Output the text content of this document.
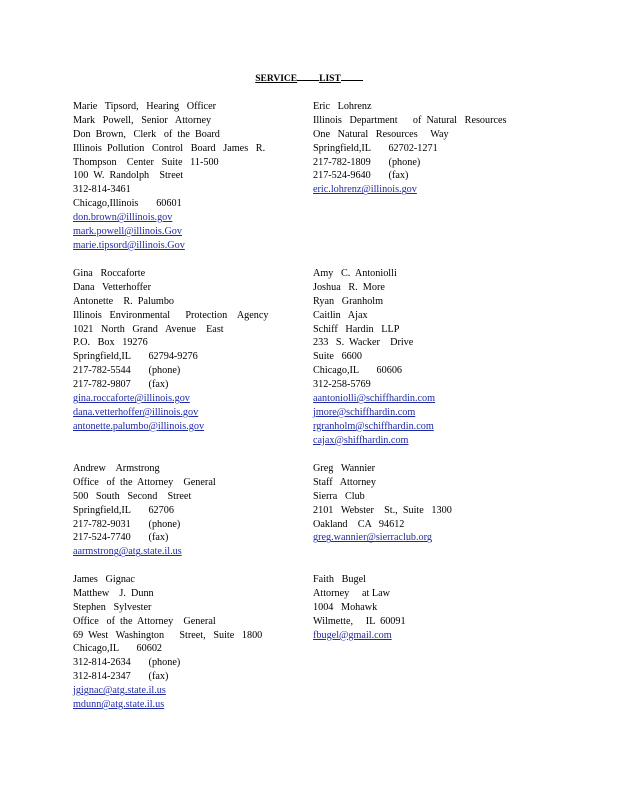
SERVICE LIST
Marie   Tipsord,   Hearing   Officer
Mark   Powell,   Senior   Attorney
Don  Brown,   Clerk   of  the  Board
Illinois  Pollution   Control   Board   James   R.
Thompson    Center   Suite   11-500
100  W.  Randolph    Street
312-814-3461
Chicago,Illinois       60601
don.brown@illinois.gov
mark.powell@illinois.Gov
marie.tipsord@illinois.Gov
Eric   Lohrenz
Illinois   Department      of  Natural   Resources
One   Natural   Resources     Way
Springfield,IL       62702-1271
217-782-1809       (phone)
217-524-9640       (fax)
eric.lohrenz@illinois.gov
Gina   Roccaforte
Dana   Vetterhoffer
Antonette    R.  Palumbo
Illinois   Environmental      Protection    Agency
1021   North   Grand   Avenue    East
P.O.   Box   19276
Springfield,IL       62794-9276
217-782-5544       (phone)
217-782-9807       (fax)
gina.roccaforte@illinois.gov
dana.vetterhoffer@illinois.gov
antonette.palumbo@illinois.gov
Amy   C.  Antoniolli
Joshua   R.  More
Ryan   Granholm
Caitlin   Ajax
Schiff   Hardin   LLP
233   S.  Wacker    Drive
Suite   6600
Chicago,IL       60606
312-258-5769
aantoniolli@schiffhardin.com
jmore@schiffhardin.com
rgranholm@schiffhardin.com
cajax@shiffhardin.com
Andrew    Armstrong
Office   of  the  Attorney    General
500   South   Second    Street
Springfield,IL       62706
217-782-9031       (phone)
217-524-7740       (fax)
aarmstrong@atg.state.il.us
Greg   Wannier
Staff   Attorney
Sierra   Club
2101   Webster    St.,  Suite   1300
Oakland    CA   94612
greg.wannier@sierraclub.org
James   Gignac
Matthew    J.  Dunn
Stephen   Sylvester
Office   of  the  Attorney    General
69  West   Washington      Street,   Suite   1800
Chicago,IL       60602
312-814-2634       (phone)
312-814-2347       (fax)
jgignac@atg.state.il.us
mdunn@atg.state.il.us
Faith   Bugel
Attorney     at Law
1004   Mohawk
Wilmette,     IL  60091
fbugel@gmail.com
